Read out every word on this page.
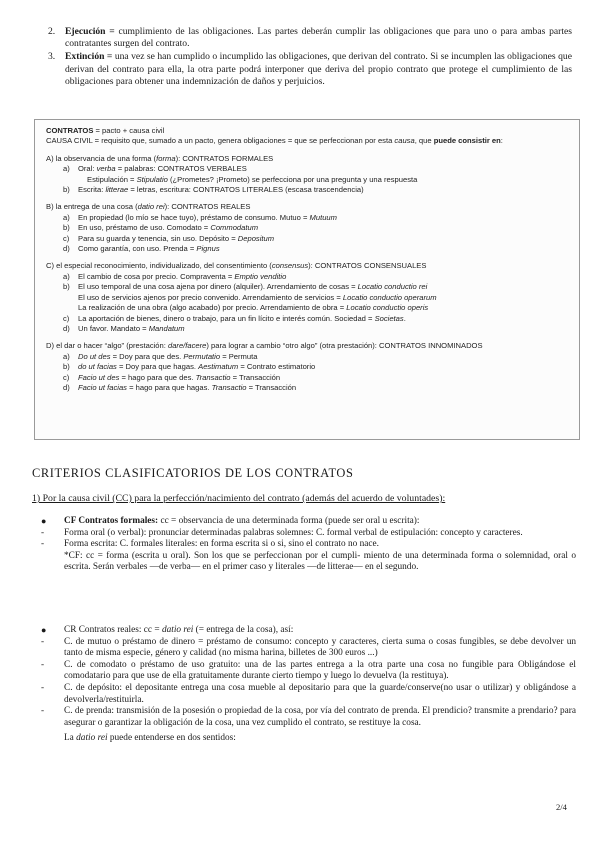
2. Ejecución = cumplimiento de las obligaciones. Las partes deberán cumplir las obligaciones que para uno o para ambas partes contratantes surgen del contrato.
3. Extinción = una vez se han cumplido o incumplido las obligaciones, que derivan del contrato. Si se incumplen las obligaciones que derivan del contrato para ella, la otra parte podrá interponer que deriva del propio contrato que protege el cumplimiento de las obligaciones para obtener una indemnización de daños y perjuicios.
CONTRATOS = pacto + causa civil
CAUSA CIVIL = requisito que, sumado a un pacto, genera obligaciones = que se perfeccionan por esta causa, que puede consistir en:
A) la observancia de una forma (forma): CONTRATOS FORMALES
a) Oral: verba = palabras: CONTRATOS VERBALES
Estipulación = Stipulatio (¿Prometes? ¡Prometo) se perfecciona por una pregunta y una respuesta
b) Escrita: litterae = letras, escritura: CONTRATOS LITERALES (escasa trascendencia)
B) la entrega de una cosa (datio rei): CONTRATOS REALES
a) En propiedad (lo mío se hace tuyo), préstamo de consumo. Mutuo = Mutuum
b) En uso, préstamo de uso. Comodato = Commodatum
c) Para su guarda y tenencia, sin uso. Depósito = Depositum
d) Como garantía, con uso. Prenda = Pignus
C) el especial reconocimiento, individualizado, del consentimiento (consensus): CONTRATOS CONSENSUALES
a) El cambio de cosa por precio. Compraventa = Emptio venditio
b) El uso temporal de una cosa ajena por dinero (alquiler). Arrendamiento de cosas = Locatio conductio rei
El uso de servicios ajenos por precio convenido. Arrendamiento de servicios = Locatio conductio operarum
La realización de una obra (algo acabado) por precio. Arrendamiento de obra = Locatio conductio operis
c) La aportación de bienes, dinero o trabajo, para un fin lícito e interés común. Sociedad = Societas.
d) Un favor. Mandato = Mandatum
D) el dar o hacer “algo” (prestación: dare/facere) para lograr a cambio “otro algo” (otra prestación): CONTRATOS INNOMINADOS
a) Do ut des = Doy para que des. Permutatio = Permuta
b) do ut facias = Doy para que hagas. Aestimatum = Contrato estimatorio
c) Facio ut des = hago para que des. Transactio = Transacción
d) Facio ut facias = hago para que hagas. Transactio = Transacción
CRITERIOS CLASIFICATORIOS DE LOS CONTRATOS
1) Por la causa civil (CC) para la perfección/nacimiento del contrato (además del acuerdo de voluntades):
● CF Contratos formales: cc = observancia de una determinada forma (puede ser oral u escrita):
- Forma oral (o verbal): pronunciar determinadas palabras solemnes: C. formal verbal de estipulación: concepto y caracteres.
- Forma escrita: C. formales literales: en forma escrita si o si, sino el contrato no nace.
*CF: cc = forma (escrita u oral). Son los que se perfeccionan por el cumpli- miento de una determinada forma o solemnidad, oral o escrita. Serán verbales —de verba— en el primer caso y literales —de litterae— en el segundo.
● CR Contratos reales: cc = datio rei (= entrega de la cosa), así:
- C. de mutuo o préstamo de dinero = préstamo de consumo: concepto y caracteres, cierta suma o cosas fungibles, se debe devolver un tanto de misma especie, género y calidad (no misma harina, billetes de 300 euros ...)
- C. de comodato o préstamo de uso gratuito: una de las partes entrega a la otra parte una cosa no fungible para Obligándose el comodatario para que use de ella gratuitamente durante cierto tiempo y luego lo devuelva (la restituya).
- C. de depósito: el depositante entrega una cosa mueble al depositario para que la guarde/conserve(no usar o utilizar) y obligándose a devolverla/restituirla.
- C. de prenda: transmisión de la posesión o propiedad de la cosa, por vía del contrato de prenda. El prendicio? transmite a prendario? para asegurar o garantizar la obligación de la cosa, una vez cumplido el contrato, se restituye la cosa.
La datio rei puede entenderse en dos sentidos:
2/4
